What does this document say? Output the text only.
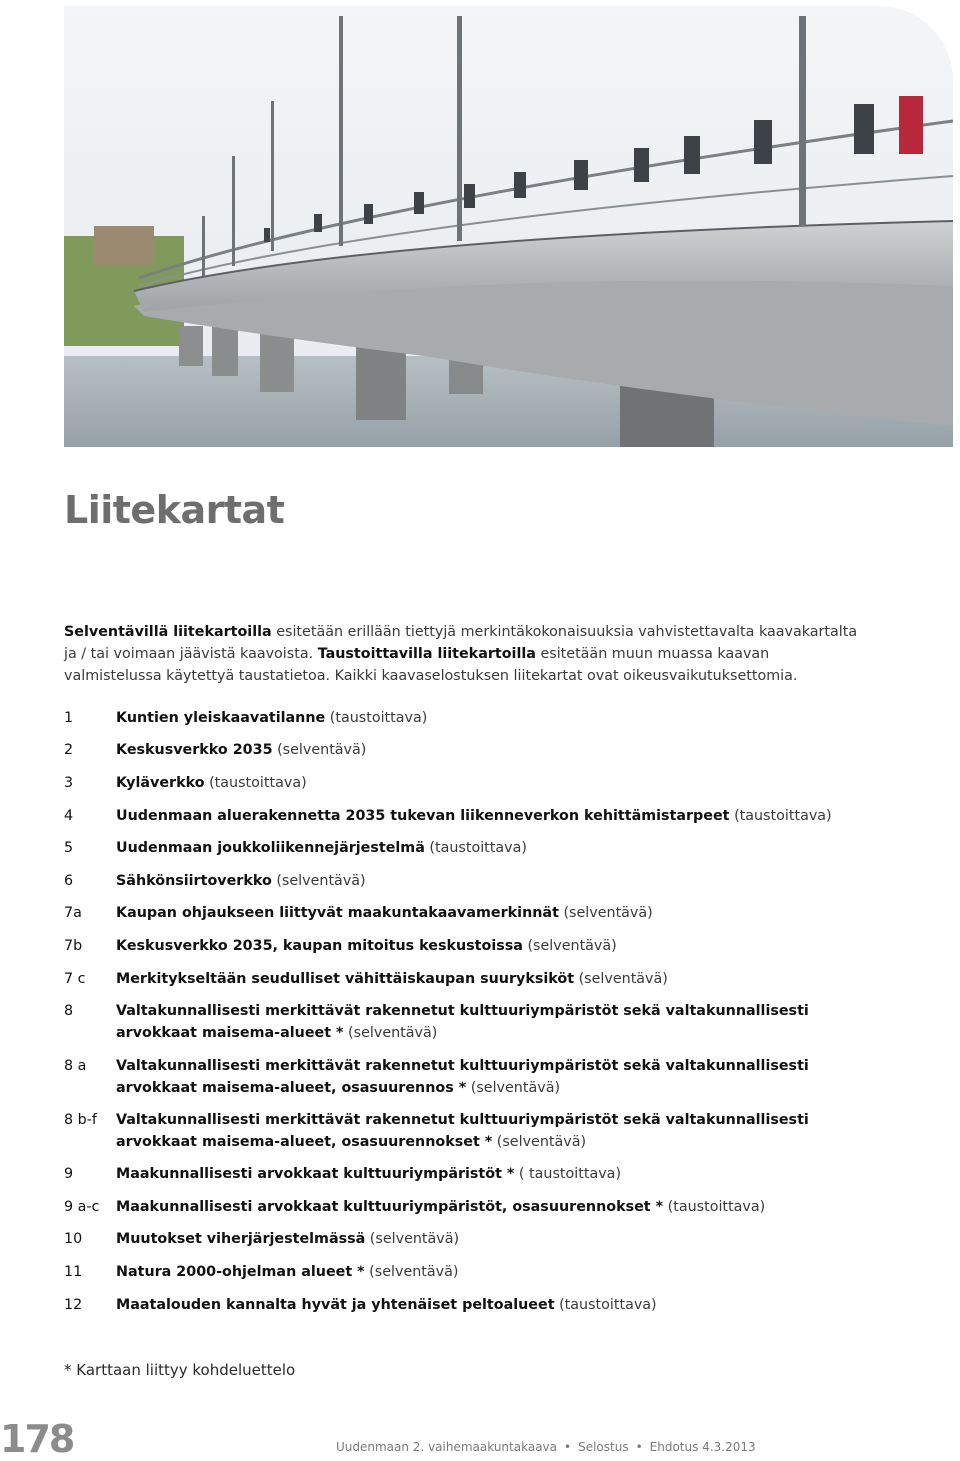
Liitekartat

Selventävillä liitekartoilla esitetään erillään tiettyjä merkintäkokonaisuuksia vahvistettavalta kaavakartalta ja / tai voimaan jäävistä kaavoista. Taustoittavilla liitekartoilla esitetään muun muassa kaavan valmistelussa käytettyä taustatietoa. Kaikki kaavaselostuksen liitekartat ovat oikeusvaikutuksettomia.

1	Kuntien yleiskaavatilanne (taustoittava)
2	Keskusverkko 2035 (selventävä)
3	Kyläverkko (taustoittava)
4	Uudenmaan aluerakennetta 2035 tukevan liikenneverkon kehittämistarpeet (taustoittava)
5	Uudenmaan joukkoliikennejärjestelmä (taustoittava)
6	Sähkönsiirtoverkko (selventävä)
7a	Kaupan ohjaukseen liittyvät maakuntakaavamerkinnät (selventävä)
7b	Keskusverkko 2035, kaupan mitoitus keskustoissa (selventävä)
7 c	Merkitykseltään seudulliset vähittäiskaupan suuryksiköt (selventävä)
8	Valtakunnallisesti merkittävät rakennetut kulttuuriympäristöt sekä valtakunnallisesti arvokkaat maisema-alueet * (selventävä)
8 a	Valtakunnallisesti merkittävät rakennetut kulttuuriympäristöt sekä valtakunnallisesti arvokkaat maisema-alueet, osasuurennos * (selventävä)
8 b-f	Valtakunnallisesti merkittävät rakennetut kulttuuriympäristöt sekä valtakunnallisesti arvokkaat maisema-alueet, osasuurennokset * (selventävä)
9	Maakunnallisesti arvokkaat kulttuuriympäristöt * ( taustoittava)
9 a-c	Maakunnallisesti arvokkaat kulttuuriympäristöt, osasuurennokset * (taustoittava)
10	Muutokset viherjärjestelmässä (selventävä)
11	Natura 2000-ohjelman alueet * (selventävä)
12	Maatalouden kannalta hyvät ja yhtenäiset peltoalueet (taustoittava)
* Karttaan liittyy kohdeluettelo
178	Uudenmaan 2. vaihemaakuntakaava • Selostus • Ehdotus 4.3.2013
